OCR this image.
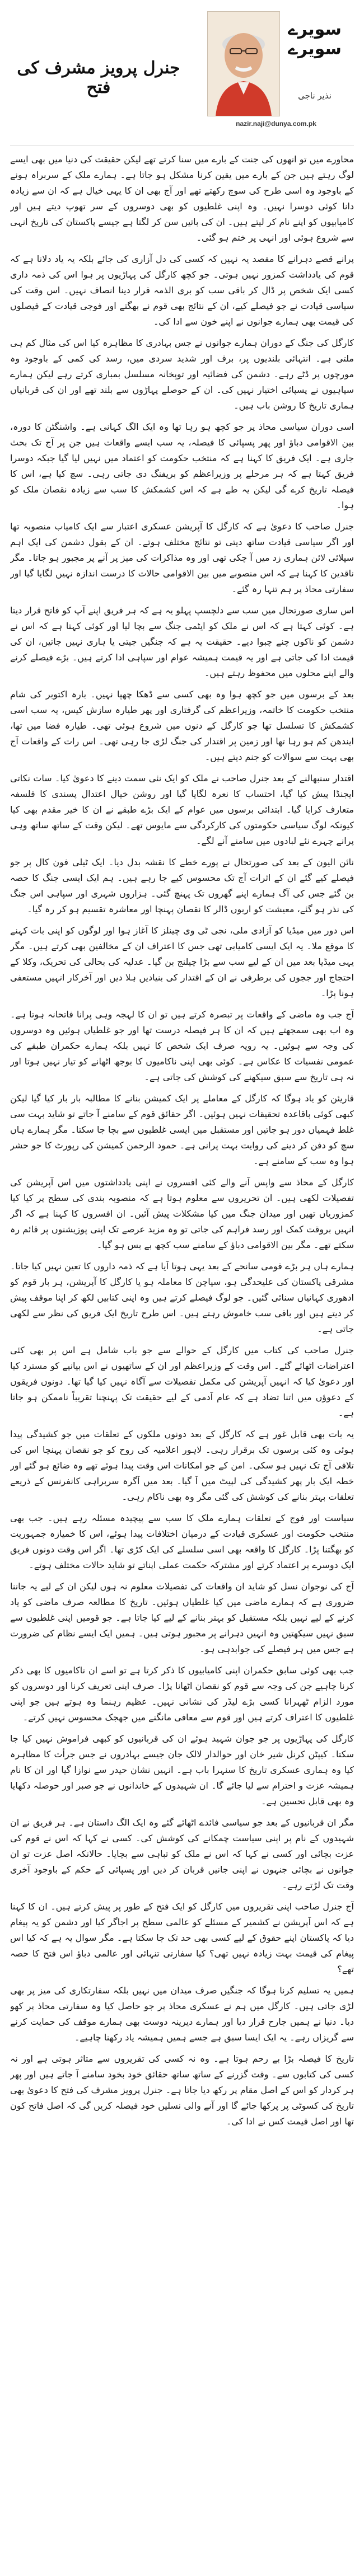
سویرے
سویرے
نذیر ناجی
nazir.naji@dunya.com.pk
جنرل پرویز مشرف کی فتح

محاورے میں تو انھوں کی جنت کے بارے میں سنا کرتے تھے لیکن حقیقت کی دنیا میں بھی ایسے لوگ رہتے ہیں جن کے بارے میں یقین کرنا مشکل ہو جاتا ہے۔ ہمارے ملک کے سربراہ ہونے کے باوجود وہ اسی طرح کی سوچ رکھتے تھے اور آج بھی ان کا یہی خیال ہے کہ ان سے زیادہ دانا کوئی دوسرا نہیں۔ وہ اپنی غلطیوں کو بھی دوسروں کے سر تھوپ دیتے ہیں اور کامیابیوں کو اپنے نام کر لیتے ہیں۔ ان کی باتیں سن کر لگتا ہے جیسے پاکستان کی تاریخ انہی سے شروع ہوئی اور انہی پر ختم ہو گئی۔

پرانے قصے دہرانے کا مقصد یہ نہیں کہ کسی کی دل آزاری کی جائے بلکہ یہ یاد دلانا ہے کہ قوم کی یادداشت کمزور نہیں ہوتی۔ جو کچھ کارگل کی پہاڑیوں پر ہوا اس کی ذمہ داری کسی ایک شخص پر ڈال کر باقی سب کو بری الذمہ قرار دینا انصاف نہیں۔ اس وقت کی سیاسی قیادت نے جو فیصلے کیے، ان کے نتائج بھی قوم نے بھگتے اور فوجی قیادت کے فیصلوں کی قیمت بھی ہمارے جوانوں نے اپنے خون سے ادا کی۔

کارگل کی جنگ کے دوران ہمارے جوانوں نے جس بہادری کا مظاہرہ کیا اس کی مثال کم ہی ملتی ہے۔ انتہائی بلندیوں پر، برف اور شدید سردی میں، رسد کی کمی کے باوجود وہ مورچوں پر ڈٹے رہے۔ دشمن کی فضائیہ اور توپخانہ مسلسل بمباری کرتے رہے لیکن ہمارے سپاہیوں نے پسپائی اختیار نہیں کی۔ ان کے حوصلے پہاڑوں سے بلند تھے اور ان کی قربانیاں ہماری تاریخ کا روشن باب ہیں۔

اسی دوران سیاسی محاذ پر جو کچھ ہو رہا تھا وہ ایک الگ کہانی ہے۔ واشنگٹن کا دورہ، بین الاقوامی دباؤ اور پھر پسپائی کا فیصلہ، یہ سب ایسے واقعات ہیں جن پر آج تک بحث جاری ہے۔ ایک فریق کا کہنا ہے کہ منتخب حکومت کو اعتماد میں نہیں لیا گیا جبکہ دوسرا فریق کہتا ہے کہ ہر مرحلے پر وزیراعظم کو بریفنگ دی جاتی رہی۔ سچ کیا ہے، اس کا فیصلہ تاریخ کرے گی لیکن یہ طے ہے کہ اس کشمکش کا سب سے زیادہ نقصان ملک کو ہوا۔

جنرل صاحب کا دعویٰ ہے کہ کارگل کا آپریشن عسکری اعتبار سے ایک کامیاب منصوبہ تھا اور اگر سیاسی قیادت ساتھ دیتی تو نتائج مختلف ہوتے۔ ان کے بقول دشمن کی ایک اہم سپلائی لائن ہماری زد میں آ چکی تھی اور وہ مذاکرات کی میز پر آنے پر مجبور ہو جاتا۔ مگر ناقدین کا کہنا ہے کہ اس منصوبے میں بین الاقوامی حالات کا درست اندازہ نہیں لگایا گیا اور سفارتی محاذ پر ہم تنہا رہ گئے۔

اس ساری صورتحال میں سب سے دلچسپ پہلو یہ ہے کہ ہر فریق اپنے آپ کو فاتح قرار دیتا ہے۔ کوئی کہتا ہے کہ اس نے ملک کو ایٹمی جنگ سے بچا لیا اور کوئی کہتا ہے کہ اس نے دشمن کو ناکوں چنے چبوا دیے۔ حقیقت یہ ہے کہ جنگیں جیتی یا ہاری نہیں جاتیں، ان کی قیمت ادا کی جاتی ہے اور یہ قیمت ہمیشہ عوام اور سپاہی ادا کرتے ہیں۔ بڑے فیصلے کرنے والے اپنے محلوں میں محفوظ رہتے ہیں۔

بعد کے برسوں میں جو کچھ ہوا وہ بھی کسی سے ڈھکا چھپا نہیں۔ بارہ اکتوبر کی شام منتخب حکومت کا خاتمہ، وزیراعظم کی گرفتاری اور پھر طیارہ سازش کیس، یہ سب اسی کشمکش کا تسلسل تھا جو کارگل کے دنوں میں شروع ہوئی تھی۔ طیارہ فضا میں تھا، ایندھن کم ہو رہا تھا اور زمین پر اقتدار کی جنگ لڑی جا رہی تھی۔ اس رات کے واقعات آج بھی بہت سے سوالات کو جنم دیتے ہیں۔

اقتدار سنبھالنے کے بعد جنرل صاحب نے ملک کو ایک نئی سمت دینے کا دعویٰ کیا۔ سات نکاتی ایجنڈا پیش کیا گیا، احتساب کا نعرہ لگایا گیا اور روشن خیال اعتدال پسندی کا فلسفہ متعارف کرایا گیا۔ ابتدائی برسوں میں عوام کے ایک بڑے طبقے نے ان کا خیر مقدم بھی کیا کیونکہ لوگ سیاسی حکومتوں کی کارکردگی سے مایوس تھے۔ لیکن وقت کے ساتھ ساتھ وہی پرانے چہرے نئے لبادوں میں سامنے آنے لگے۔

نائن الیون کے بعد کی صورتحال نے پورے خطے کا نقشہ بدل دیا۔ ایک ٹیلی فون کال پر جو فیصلے کیے گئے ان کے اثرات آج تک محسوس کیے جا رہے ہیں۔ ہم ایک ایسی جنگ کا حصہ بن گئے جس کی آگ ہمارے اپنے گھروں تک پہنچ گئی۔ ہزاروں شہری اور سپاہی اس جنگ کی نذر ہو گئے، معیشت کو اربوں ڈالر کا نقصان پہنچا اور معاشرہ تقسیم ہو کر رہ گیا۔

اس دور میں میڈیا کو آزادی ملی، نجی ٹی وی چینلز کا آغاز ہوا اور لوگوں کو اپنی بات کہنے کا موقع ملا۔ یہ ایک ایسی کامیابی تھی جس کا اعتراف ان کے مخالفین بھی کرتے ہیں۔ مگر یہی میڈیا بعد میں ان کے لیے سب سے بڑا چیلنج بن گیا۔ عدلیہ کی بحالی کی تحریک، وکلا کے احتجاج اور ججوں کی برطرفی نے ان کے اقتدار کی بنیادیں ہلا دیں اور آخرکار انہیں مستعفی ہونا پڑا۔

آج جب وہ ماضی کے واقعات پر تبصرہ کرتے ہیں تو ان کا لہجہ وہی پرانا فاتحانہ ہوتا ہے۔ وہ اب بھی سمجھتے ہیں کہ ان کا ہر فیصلہ درست تھا اور جو غلطیاں ہوئیں وہ دوسروں کی وجہ سے ہوئیں۔ یہ رویہ صرف ایک شخص کا نہیں بلکہ ہمارے حکمران طبقے کی عمومی نفسیات کا عکاس ہے۔ کوئی بھی اپنی ناکامیوں کا بوجھ اٹھانے کو تیار نہیں ہوتا اور نہ ہی تاریخ سے سبق سیکھنے کی کوشش کی جاتی ہے۔

قاریئن کو یاد ہوگا کہ کارگل کے معاملے پر ایک کمیشن بنانے کا مطالبہ بار بار کیا گیا لیکن کبھی کوئی باقاعدہ تحقیقات نہیں ہوئیں۔ اگر حقائق قوم کے سامنے آ جاتے تو شاید بہت سی غلط فہمیاں دور ہو جاتیں اور مستقبل میں ایسی غلطیوں سے بچا جا سکتا۔ مگر ہمارے ہاں سچ کو دفن کر دینے کی روایت بہت پرانی ہے۔ حمود الرحمن کمیشن کی رپورٹ کا جو حشر ہوا وہ سب کے سامنے ہے۔

کارگل کے محاذ سے واپس آنے والے کئی افسروں نے اپنی یادداشتوں میں اس آپریشن کی تفصیلات لکھی ہیں۔ ان تحریروں سے معلوم ہوتا ہے کہ منصوبہ بندی کی سطح پر کیا کیا کمزوریاں تھیں اور میدان جنگ میں کیا مشکلات پیش آئیں۔ ان افسروں کا کہنا ہے کہ اگر انہیں بروقت کمک اور رسد فراہم کی جاتی تو وہ مزید عرصے تک اپنی پوزیشنوں پر قائم رہ سکتے تھے۔ مگر بین الاقوامی دباؤ کے سامنے سب کچھ بے بس ہو گیا۔

ہمارے ہاں ہر بڑے قومی سانحے کے بعد یہی ہوتا آیا ہے کہ ذمہ داروں کا تعین نہیں کیا جاتا۔ مشرقی پاکستان کی علیحدگی ہو، سیاچن کا معاملہ ہو یا کارگل کا آپریشن، ہر بار قوم کو ادھوری کہانیاں سنائی گئیں۔ جو لوگ فیصلے کرتے ہیں وہ اپنی کتابیں لکھ کر اپنا موقف پیش کر دیتے ہیں اور باقی سب خاموش رہتے ہیں۔ اس طرح تاریخ ایک فریق کی نظر سے لکھی جاتی ہے۔

جنرل صاحب کی کتاب میں کارگل کے حوالے سے جو باب شامل ہے اس پر بھی کئی اعتراضات اٹھائے گئے۔ اس وقت کے وزیراعظم اور ان کے ساتھیوں نے اس بیانیے کو مسترد کیا اور دعویٰ کیا کہ انہیں آپریشن کی مکمل تفصیلات سے آگاہ نہیں کیا گیا تھا۔ دونوں فریقوں کے دعوؤں میں اتنا تضاد ہے کہ عام آدمی کے لیے حقیقت تک پہنچنا تقریباً ناممکن ہو جاتا ہے۔

یہ بات بھی قابل غور ہے کہ کارگل کے بعد دونوں ملکوں کے تعلقات میں جو کشیدگی پیدا ہوئی وہ کئی برسوں تک برقرار رہی۔ لاہور اعلامیہ کی روح کو جو نقصان پہنچا اس کی تلافی آج تک نہیں ہو سکی۔ امن کے جو امکانات اس وقت پیدا ہوئے تھے وہ ضائع ہو گئے اور خطہ ایک بار پھر کشیدگی کی لپیٹ میں آ گیا۔ بعد میں آگرہ سربراہی کانفرنس کے ذریعے تعلقات بہتر بنانے کی کوشش کی گئی مگر وہ بھی ناکام رہی۔

سیاست اور فوج کے تعلقات ہمارے ملک کا سب سے پیچیدہ مسئلہ رہے ہیں۔ جب بھی منتخب حکومت اور عسکری قیادت کے درمیان اختلافات پیدا ہوئے، اس کا خمیازہ جمہوریت کو بھگتنا پڑا۔ کارگل کا واقعہ بھی اسی سلسلے کی ایک کڑی تھا۔ اگر اس وقت دونوں فریق ایک دوسرے پر اعتماد کرتے اور مشترکہ حکمت عملی اپناتے تو شاید حالات مختلف ہوتے۔

آج کی نوجوان نسل کو شاید ان واقعات کی تفصیلات معلوم نہ ہوں لیکن ان کے لیے یہ جاننا ضروری ہے کہ ہمارے ماضی میں کیا غلطیاں ہوئیں۔ تاریخ کا مطالعہ صرف ماضی کو یاد کرنے کے لیے نہیں بلکہ مستقبل کو بہتر بنانے کے لیے کیا جاتا ہے۔ جو قومیں اپنی غلطیوں سے سبق نہیں سیکھتیں وہ انہیں دہرانے پر مجبور ہوتی ہیں۔ ہمیں ایک ایسے نظام کی ضرورت ہے جس میں ہر فیصلے کی جوابدہی ہو۔

جب بھی کوئی سابق حکمران اپنی کامیابیوں کا ذکر کرتا ہے تو اسے ان ناکامیوں کا بھی ذکر کرنا چاہیے جن کی وجہ سے قوم کو نقصان اٹھانا پڑا۔ صرف اپنی تعریف کرنا اور دوسروں کو مورد الزام ٹھہرانا کسی بڑے لیڈر کی نشانی نہیں۔ عظیم رہنما وہ ہوتے ہیں جو اپنی غلطیوں کا اعتراف کرتے ہیں اور قوم سے معافی مانگنے میں جھجک محسوس نہیں کرتے۔

کارگل کی پہاڑیوں پر جو جوان شہید ہوئے ان کی قربانیوں کو کبھی فراموش نہیں کیا جا سکتا۔ کیپٹن کرنل شیر خان اور حوالدار لالک جان جیسے بہادروں نے جس جرأت کا مظاہرہ کیا وہ ہماری عسکری تاریخ کا سنہرا باب ہے۔ انہیں نشان حیدر سے نوازا گیا اور ان کا نام ہمیشہ عزت و احترام سے لیا جائے گا۔ ان شہیدوں کے خاندانوں نے جو صبر اور حوصلہ دکھایا وہ بھی قابل تحسین ہے۔

مگر ان قربانیوں کے بعد جو سیاسی فائدے اٹھائے گئے وہ ایک الگ داستان ہے۔ ہر فریق نے ان شہیدوں کے نام پر اپنی سیاست چمکانے کی کوشش کی۔ کسی نے کہا کہ اس نے قوم کی عزت بچائی اور کسی نے کہا کہ اس نے ملک کو تباہی سے بچایا۔ حالانکہ اصل عزت تو ان جوانوں نے بچائی جنہوں نے اپنی جانیں قربان کر دیں اور پسپائی کے حکم کے باوجود آخری وقت تک لڑتے رہے۔

آج جنرل صاحب اپنی تقریروں میں کارگل کو ایک فتح کے طور پر پیش کرتے ہیں۔ ان کا کہنا ہے کہ اس آپریشن نے کشمیر کے مسئلے کو عالمی سطح پر اجاگر کیا اور دشمن کو یہ پیغام دیا کہ پاکستان اپنے حقوق کے لیے کسی بھی حد تک جا سکتا ہے۔ مگر سوال یہ ہے کہ کیا اس پیغام کی قیمت بہت زیادہ نہیں تھی؟ کیا سفارتی تنہائی اور عالمی دباؤ اس فتح کا حصہ تھے؟

ہمیں یہ تسلیم کرنا ہوگا کہ جنگیں صرف میدان میں نہیں بلکہ سفارتکاری کی میز پر بھی لڑی جاتی ہیں۔ کارگل میں ہم نے عسکری محاذ پر جو حاصل کیا وہ سفارتی محاذ پر کھو دیا۔ دنیا نے ہمیں جارح قرار دیا اور ہمارے دیرینہ دوست بھی ہمارے موقف کی حمایت کرنے سے گریزاں رہے۔ یہ ایک ایسا سبق ہے جسے ہمیں ہمیشہ یاد رکھنا چاہیے۔

تاریخ کا فیصلہ بڑا بے رحم ہوتا ہے۔ وہ نہ کسی کی تقریروں سے متاثر ہوتی ہے اور نہ کسی کی کتابوں سے۔ وقت گزرنے کے ساتھ ساتھ حقائق خود بخود سامنے آ جاتے ہیں اور پھر ہر کردار کو اس کے اصل مقام پر رکھ دیا جاتا ہے۔ جنرل پرویز مشرف کی فتح کا دعویٰ بھی تاریخ کی کسوٹی پر پرکھا جائے گا اور آنے والی نسلیں خود فیصلہ کریں گی کہ اصل فاتح کون تھا اور اصل قیمت کس نے ادا کی۔
